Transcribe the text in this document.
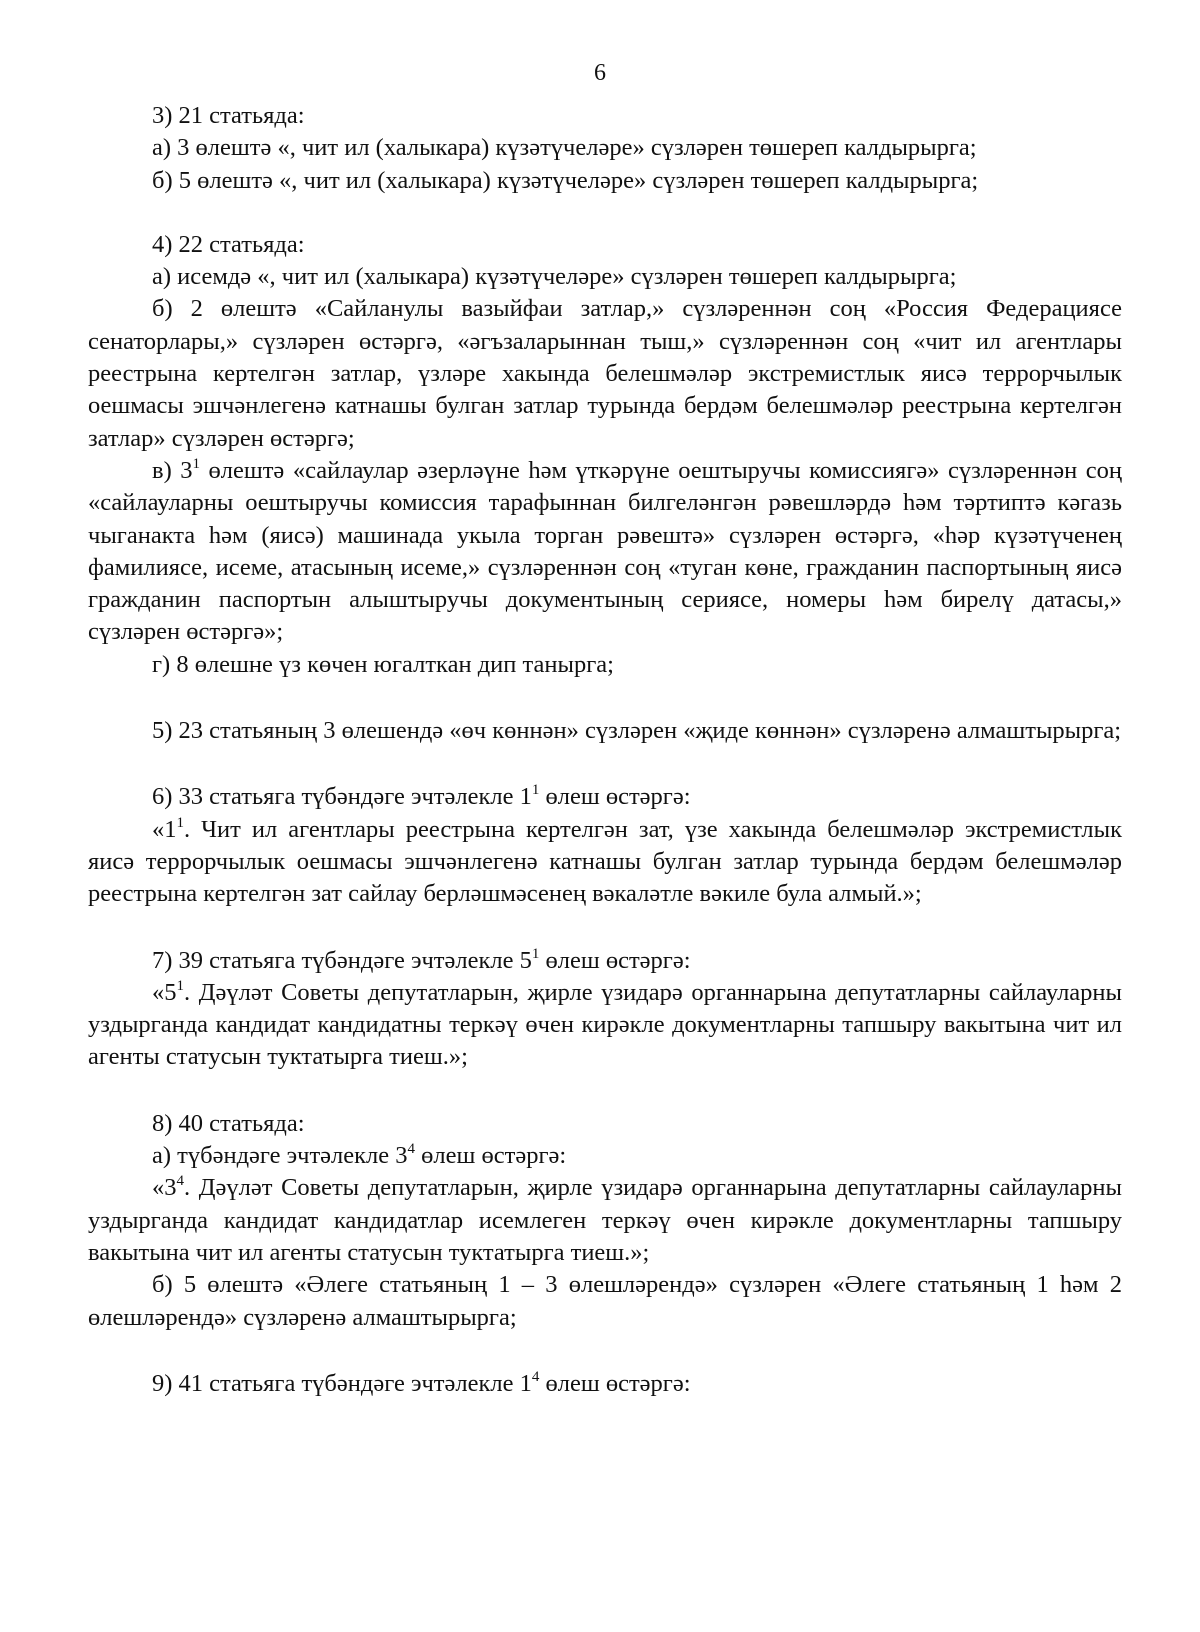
6

3) 21 статьяда:

а) 3 өлештә «, чит ил (халыкара) күзәтүчеләре» сүзләрен төшереп калдырырга;

б) 5 өлештә «, чит ил (халыкара) күзәтүчеләре» сүзләрен төшереп калдырырга;

4) 22 статьяда:

а) исемдә «, чит ил (халыкара) күзәтүчеләре» сүзләрен төшереп калдырырга;

б) 2 өлештә «Сайланулы вазыйфаи затлар,» сүзләреннән соң «Россия Федерациясе сенаторлары,» сүзләрен өстәргә, «әгъзаларыннан тыш,» сүзләреннән соң «чит ил агентлары реестрына кертелгән затлар, үзләре хакында белешмәләр экстремистлык яисә террорчылык оешмасы эшчәнлегенә катнашы булган затлар турында бердәм белешмәләр реестрына кертелгән затлар» сүзләрен өстәргә;

в) $3^1$ өлештә «сайлаулар әзерләүне һәм үткәрүне оештыручы комиссиягә» сүзләреннән соң «сайлауларны оештыручы комиссия тарафыннан билгеләнгән рәвешләрдә һәм тәртиптә кәгазь чыганакта һәм (яисә) машинада укыла торган рәвештә» сүзләрен өстәргә, «һәр күзәтүченең фамилиясе, исеме, атасының исеме,» сүзләреннән соң «туган көне, гражданин паспортының яисә гражданин паспортын алыштыручы документының сериясе, номеры һәм бирелү датасы,» сүзләрен өстәргә»;

г) 8 өлешне үз көчен югалткан дип танырга;

5) 23 статьяның 3 өлешендә «өч көннән» сүзләрен «җиде көннән» сүзләренә алмаштырырга;

6) 33 статьяга түбәндәге эчтәлекле $1^1$ өлеш өстәргә:

«$1^1$. Чит ил агентлары реестрына кертелгән зат, үзе хакында белешмәләр экстремистлык яисә террорчылык оешмасы эшчәнлегенә катнашы булган затлар турында бердәм белешмәләр реестрына кертелгән зат сайлау берләшмәсенең вәкаләтле вәкиле була алмый.»;

7) 39 статьяга түбәндәге эчтәлекле $5^1$ өлеш өстәргә:

«$5^1$. Дәүләт Советы депутатларын, җирле үзидарә органнарына депутатларны сайлауларны уздырганда кандидат кандидатны теркәү өчен кирәкле документларны тапшыру вакытына чит ил агенты статусын туктатырга тиеш.»;

8) 40 статьяда:

а) түбәндәге эчтәлекле $3^4$ өлеш өстәргә:

«$3^4$. Дәүләт Советы депутатларын, җирле үзидарә органнарына депутатларны сайлауларны уздырганда кандидат кандидатлар исемлеген теркәү өчен кирәкле документларны тапшыру вакытына чит ил агенты статусын туктатырга тиеш.»;

б) 5 өлештә «Әлеге статьяның 1 – 3 өлешләрендә» сүзләрен «Әлеге статьяның 1 һәм 2 өлешләрендә» сүзләренә алмаштырырга;

9) 41 статьяга түбәндәге эчтәлекле $1^4$ өлеш өстәргә:
